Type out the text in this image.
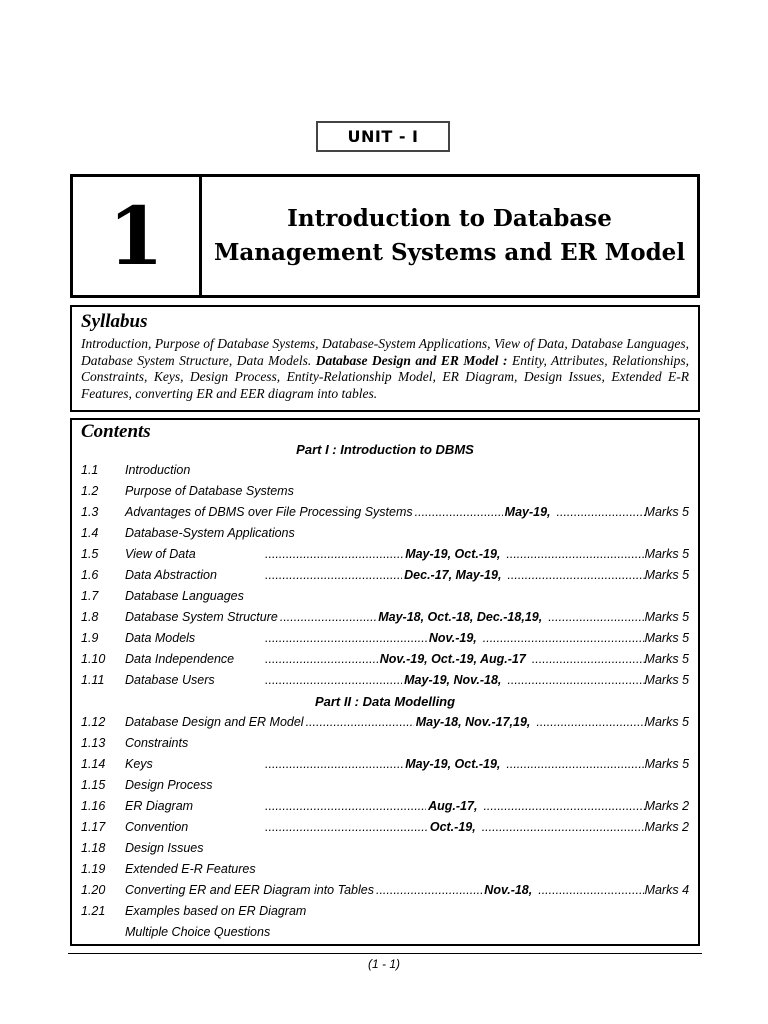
UNIT - I
1	Introduction to Database
Management Systems and ER Model
Syllabus
Introduction, Purpose of Database Systems, Database-System Applications, View of Data, Database Languages, Database System Structure, Data Models. Database Design and ER Model : Entity, Attributes, Relationships, Constraints, Keys, Design Process, Entity-Relationship Model, ER Diagram, Design Issues, Extended E-R Features, converting ER and EER diagram into tables.
Contents
Part I : Introduction to DBMS
1.1	Introduction
1.2	Purpose of Database Systems
1.3	Advantages of DBMS over File Processing Systems .....	May-19, .....	Marks 5
1.4	Database-System Applications
1.5	View of Data .....	May-19, Oct.-19, .....	Marks 5
1.6	Data Abstraction .....	Dec.-17, May-19, .....	Marks 5
1.7	Database Languages
1.8	Database System Structure .....	May-18, Oct.-18, Dec.-18,19, .....	Marks 5
1.9	Data Models .....	Nov.-19, .....	Marks 5
1.10	Data Independence .....	Nov.-19, Oct.-19, Aug.-17 .....	Marks 5
1.11	Database Users .....	May-19, Nov.-18, .....	Marks 5
Part II : Data Modelling
1.12	Database Design and ER Model .....	May-18, Nov.-17,19, .....	Marks 5
1.13	Constraints
1.14	Keys .....	May-19, Oct.-19, .....	Marks 5
1.15	Design Process
1.16	ER Diagram .....	Aug.-17, .....	Marks 2
1.17	Convention .....	Oct.-19, .....	Marks 2
1.18	Design Issues
1.19	Extended E-R Features
1.20	Converting ER and EER Diagram into Tables .....	Nov.-18, .....	Marks 4
1.21	Examples based on ER Diagram
Multiple Choice Questions
(1 - 1)
